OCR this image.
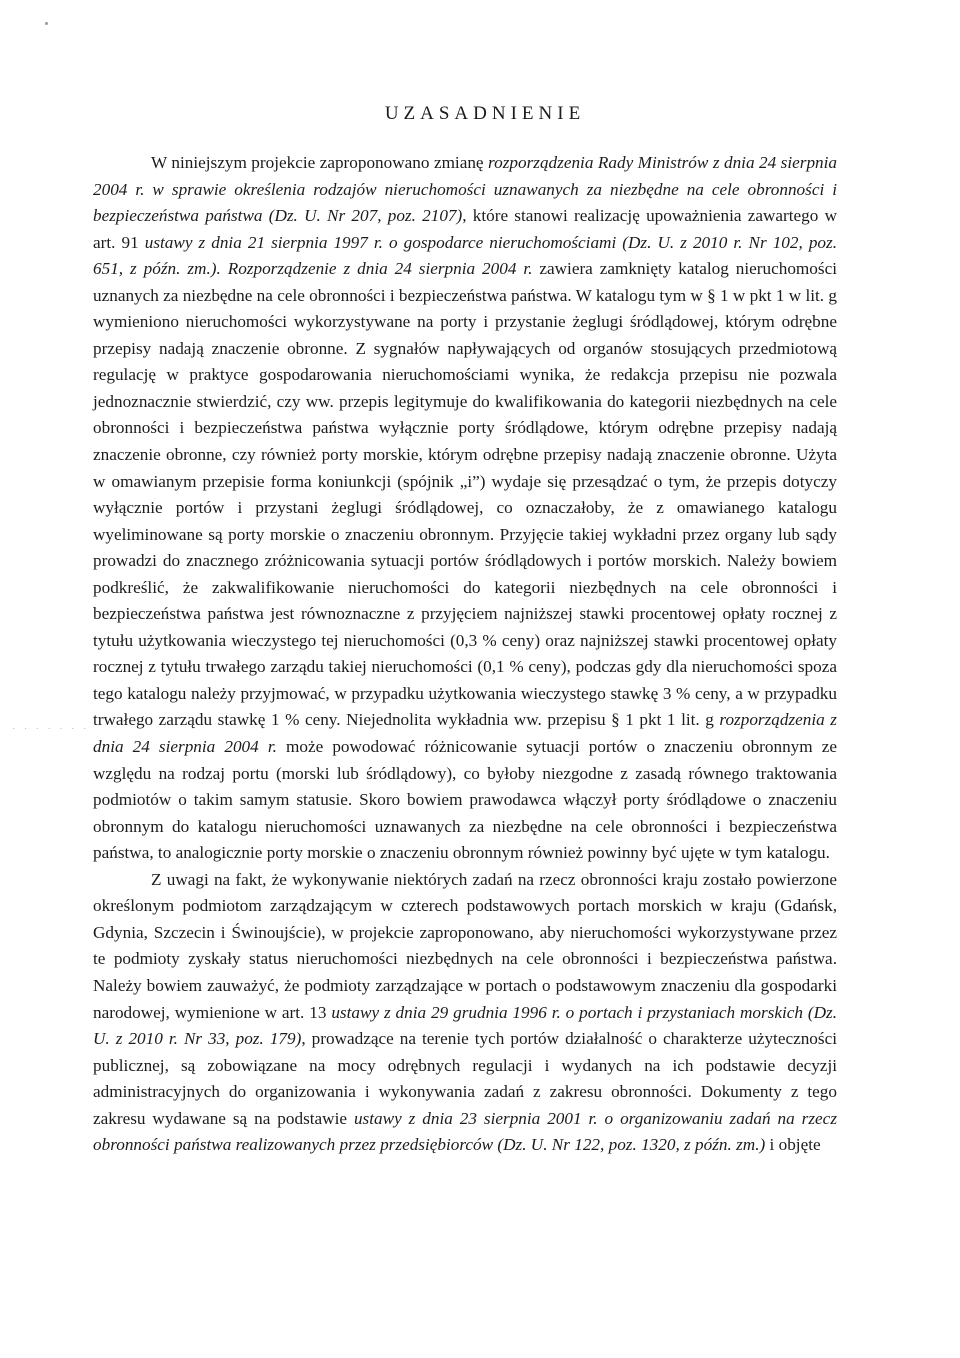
UZASADNIENIE
· · · · · · ·

W niniejszym projekcie zaproponowano zmianę rozporządzenia Rady Ministrów z dnia 24 sierpnia 2004 r. w sprawie określenia rodzajów nieruchomości uznawanych za niezbędne na cele obronności i bezpieczeństwa państwa (Dz. U. Nr 207, poz. 2107), które stanowi realizację upoważnienia zawartego w art. 91 ustawy z dnia 21 sierpnia 1997 r. o gospodarce nieruchomościami (Dz. U. z 2010 r. Nr 102, poz. 651, z późn. zm.). Rozporządzenie z dnia 24 sierpnia 2004 r. zawiera zamknięty katalog nieruchomości uznanych za niezbędne na cele obronności i bezpieczeństwa państwa. W katalogu tym w § 1 w pkt 1 w lit. g wymieniono nieruchomości wykorzystywane na porty i przystanie żeglugi śródlądowej, którym odrębne przepisy nadają znaczenie obronne. Z sygnałów napływających od organów stosujących przedmiotową regulację w praktyce gospodarowania nieruchomościami wynika, że redakcja przepisu nie pozwala jednoznacznie stwierdzić, czy ww. przepis legitymuje do kwalifikowania do kategorii niezbędnych na cele obronności i bezpieczeństwa państwa wyłącznie porty śródlądowe, którym odrębne przepisy nadają znaczenie obronne, czy również porty morskie, którym odrębne przepisy nadają znaczenie obronne. Użyta w omawianym przepisie forma koniunkcji (spójnik „i”) wydaje się przesądzać o tym, że przepis dotyczy wyłącznie portów i przystani żeglugi śródlądowej, co oznaczałoby, że z omawianego katalogu wyeliminowane są porty morskie o znaczeniu obronnym. Przyjęcie takiej wykładni przez organy lub sądy prowadzi do znacznego zróżnicowania sytuacji portów śródlądowych i portów morskich. Należy bowiem podkreślić, że zakwalifikowanie nieruchomości do kategorii niezbędnych na cele obronności i bezpieczeństwa państwa jest równoznaczne z przyjęciem najniższej stawki procentowej opłaty rocznej z tytułu użytkowania wieczystego tej nieruchomości (0,3 % ceny) oraz najniższej stawki procentowej opłaty rocznej z tytułu trwałego zarządu takiej nieruchomości (0,1 % ceny), podczas gdy dla nieruchomości spoza tego katalogu należy przyjmować, w przypadku użytkowania wieczystego stawkę 3 % ceny, a w przypadku trwałego zarządu stawkę 1 % ceny. Niejednolita wykładnia ww. przepisu § 1 pkt 1 lit. g rozporządzenia z dnia 24 sierpnia 2004 r. może powodować różnicowanie sytuacji portów o znaczeniu obronnym ze względu na rodzaj portu (morski lub śródlądowy), co byłoby niezgodne z zasadą równego traktowania podmiotów o takim samym statusie. Skoro bowiem prawodawca włączył porty śródlądowe o znaczeniu obronnym do katalogu nieruchomości uznawanych za niezbędne na cele obronności i bezpieczeństwa państwa, to analogicznie porty morskie o znaczeniu obronnym również powinny być ujęte w tym katalogu.

Z uwagi na fakt, że wykonywanie niektórych zadań na rzecz obronności kraju zostało powierzone określonym podmiotom zarządzającym w czterech podstawowych portach morskich w kraju (Gdańsk, Gdynia, Szczecin i Świnoujście), w projekcie zaproponowano, aby nieruchomości wykorzystywane przez te podmioty zyskały status nieruchomości niezbędnych na cele obronności i bezpieczeństwa państwa. Należy bowiem zauważyć, że podmioty zarządzające w portach o podstawowym znaczeniu dla gospodarki narodowej, wymienione w art. 13 ustawy z dnia 29 grudnia 1996 r. o portach i przystaniach morskich (Dz. U. z 2010 r. Nr 33, poz. 179), prowadzące na terenie tych portów działalność o charakterze użyteczności publicznej, są zobowiązane na mocy odrębnych regulacji i wydanych na ich podstawie decyzji administracyjnych do organizowania i wykonywania zadań z zakresu obronności. Dokumenty z tego zakresu wydawane są na podstawie ustawy z dnia 23 sierpnia 2001 r. o organizowaniu zadań na rzecz obronności państwa realizowanych przez przedsiębiorców (Dz. U. Nr 122, poz. 1320, z późn. zm.) i objęte
